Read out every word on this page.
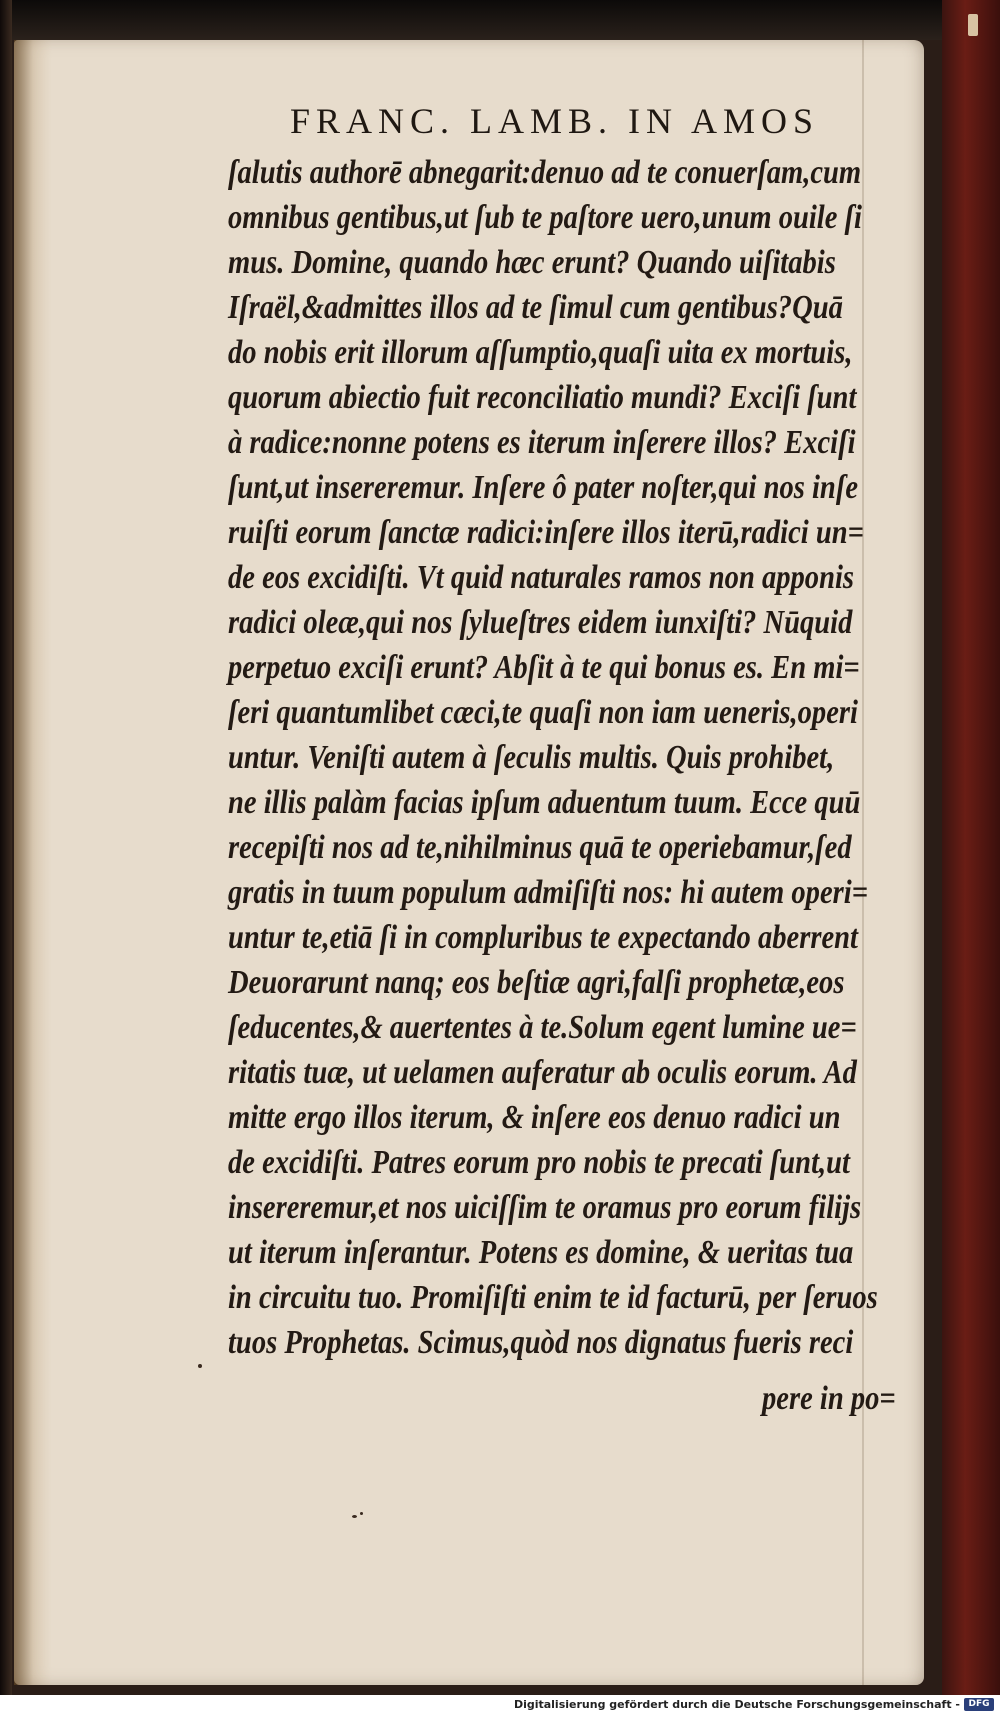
FRANC. LAMB. IN AMOS
ſalutis authorē abnegarit:denuo ad te conuerſam,cum
omnibus gentibus,ut ſub te paſtore uero,unum ouile ſi
mus. Domine, quando hæc erunt? Quando uiſitabis
Iſraël,&admittes illos ad te ſimul cum gentibus?Quā
do nobis erit illorum aſſumptio,quaſi uita ex mortuis,
quorum abiectio fuit reconciliatio mundi? Exciſi ſunt
à radice:nonne potens es iterum inſerere illos? Exciſi
ſunt,ut insereremur. Inſere ô pater noſter,qui nos inſe
ruiſti eorum ſanctæ radici:inſere illos iterū,radici un=
de eos excidiſti. Vt quid naturales ramos non apponis
radici oleæ,qui nos ſylueſtres eidem iunxiſti? Nūquid
perpetuo exciſi erunt? Abſit à te qui bonus es. En mi=
ſeri quantumlibet cæci,te quaſi non iam ueneris,operi
untur. Veniſti autem à ſeculis multis. Quis prohibet,
ne illis palàm facias ipſum aduentum tuum. Ecce quū
recepiſti nos ad te,nihilminus quā te operiebamur,ſed
gratis in tuum populum admiſiſti nos: hi autem operi=
untur te,etiā ſi in compluribus te expectando aberrent
Deuorarunt nanq; eos beſtiæ agri,falſi prophetæ,eos
ſeducentes,& auertentes à te.Solum egent lumine ue=
ritatis tuæ, ut uelamen auferatur ab oculis eorum. Ad
mitte ergo illos iterum, & inſere eos denuo radici un
de excidiſti. Patres eorum pro nobis te precati ſunt,ut
insereremur,et nos uiciſſim te oramus pro eorum filijs
ut iterum inſerantur. Potens es domine, & ueritas tua
in circuitu tuo. Promiſiſti enim te id facturū, per ſeruos
tuos Prophetas. Scimus,quòd nos dignatus fueris reci
pere in po=
Digitalisierung gefördert durch die Deutsche Forschungsgemeinschaft - DFG
